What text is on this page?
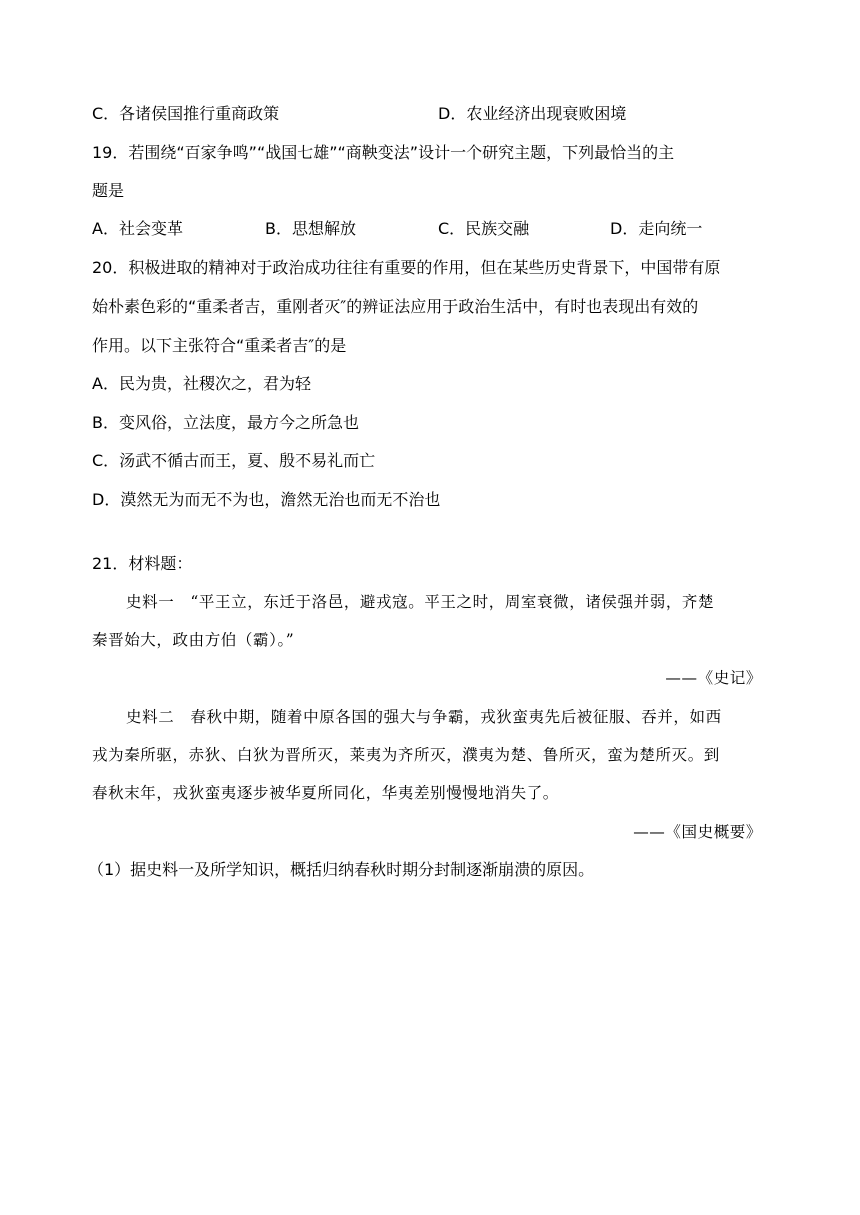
C．各诸侯国推行重商政策	D．农业经济出现衰败困境
19．若围绕“百家争鸣”“战国七雄”“商鞅变法”设计一个研究主题，下列最恰当的主
题是
A．社会变革	B．思想解放	C．民族交融	D．走向统一
20．积极进取的精神对于政治成功往往有重要的作用，但在某些历史背景下，中国带有原
始朴素色彩的“重柔者吉，重刚者灭″的辨证法应用于政治生活中，有时也表现出有效的
作用。以下主张符合“重柔者吉″的是
A．民为贵，社稷次之，君为轻
B．变风俗，立法度，最方今之所急也
C．汤武不循古而王，夏、殷不易礼而亡
D．漠然无为而无不为也，澹然无治也而无不治也
21．材料题：
史料一　“平王立，东迁于洛邑，避戎寇。平王之时，周室衰微，诸侯强并弱，齐楚
秦晋始大，政由方伯（霸）。”
——《史记》
史料二　春秋中期，随着中原各国的强大与争霸，戎狄蛮夷先后被征服、吞并，如西
戎为秦所驱，赤狄、白狄为晋所灭，莱夷为齐所灭，濮夷为楚、鲁所灭，蛮为楚所灭。到
春秋末年，戎狄蛮夷逐步被华夏所同化，华夷差别慢慢地消失了。
——《国史概要》
（1）据史料一及所学知识，概括归纳春秋时期分封制逐渐崩溃的原因。
